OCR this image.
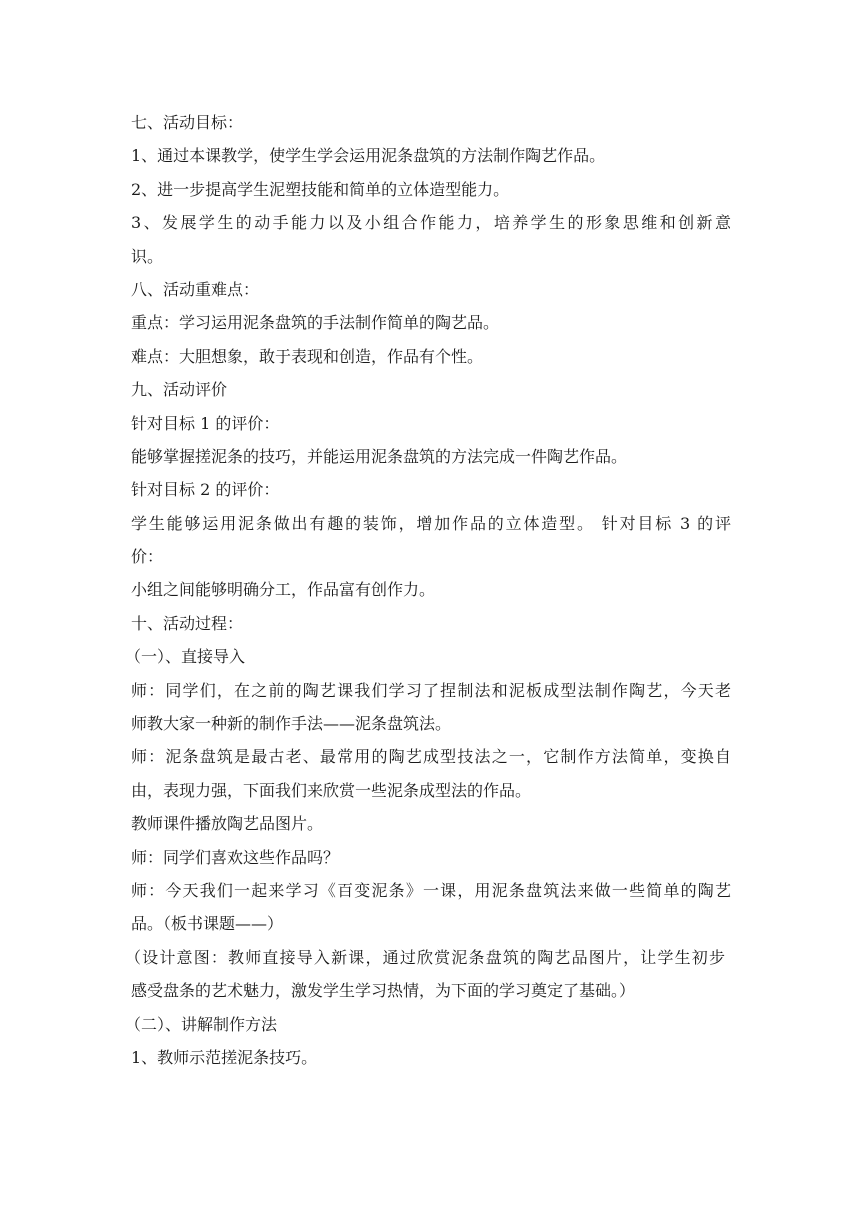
七、活动目标：
1、通过本课教学，使学生学会运用泥条盘筑的方法制作陶艺作品。
2、进一步提高学生泥塑技能和简单的立体造型能力。
3、发展学生的动手能力以及小组合作能力，培养学生的形象思维和创新意
识。
八、活动重难点：
重点：学习运用泥条盘筑的手法制作简单的陶艺品。
难点：大胆想象，敢于表现和创造，作品有个性。
九、活动评价
针对目标 1 的评价：
能够掌握搓泥条的技巧，并能运用泥条盘筑的方法完成一件陶艺作品。
针对目标 2 的评价：
学生能够运用泥条做出有趣的装饰，增加作品的立体造型。 针对目标 3 的评
价：
小组之间能够明确分工，作品富有创作力。
十、活动过程：
（一）、直接导入
师：同学们，在之前的陶艺课我们学习了捏制法和泥板成型法制作陶艺，今天老
师教大家一种新的制作手法——泥条盘筑法。
师：泥条盘筑是最古老、最常用的陶艺成型技法之一，它制作方法简单，变换自
由，表现力强，下面我们来欣赏一些泥条成型法的作品。
教师课件播放陶艺品图片。
师：同学们喜欢这些作品吗？
师：今天我们一起来学习《百变泥条》一课，用泥条盘筑法来做一些简单的陶艺
品。（板书课题——）
（设计意图：教师直接导入新课，通过欣赏泥条盘筑的陶艺品图片，让学生初步
感受盘条的艺术魅力，激发学生学习热情，为下面的学习奠定了基础。）
（二）、讲解制作方法
1、教师示范搓泥条技巧。
